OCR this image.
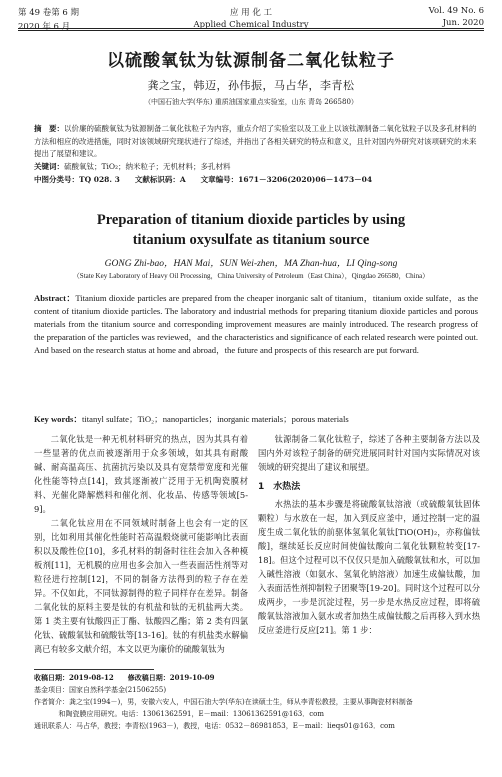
第 49 卷第 6 期
2020 年 6 月
应 用 化 工
Applied Chemical Industry
Vol. 49 No. 6
Jun. 2020
以硫酸氧钛为钛源制备二氧化钛粒子
龚之宝，韩迈，孙伟振，马占华，李青松
（中国石油大学(华东) 重质油国家重点实验室，山东 青岛 266580）
摘　要：以价廉的硫酸氧钛为钛源制备二氧化钛粒子为内容，重点介绍了实验室以及工业上以该钛源制备二氧化钛粒子以及多孔材料的方法和相应的改进措施，同时对该领域研究现状进行了综述，并指出了各相关研究的特点和意义，且针对国内外研究对该项研究的未来提出了展望和建议。
关键词：硫酸氧钛；TiO₂；纳米粒子；无机材料；多孔材料
中图分类号：TQ 028. 3　　文献标识码：A　　文章编号：1671－3206(2020)06－1473－04
Preparation of titanium dioxide particles by using
titanium oxysulfate as titanium source
GONG Zhi-bao，HAN Mai，SUN Wei-zhen，MA Zhan-hua，LI Qing-song
（State Key Laboratory of Heavy Oil Processing，China University of Petroleum（East China），Qingdao 266580，China）
Abstract：Titanium dioxide particles are prepared from the cheaper inorganic salt of titanium，titanium oxide sulfate，as the content of titanium dioxide particles. The laboratory and industrial methods for preparing titanium dioxide particles and porous materials from the titanium source and corresponding improvement measures are mainly introduced. The research progress of the preparation of the particles was reviewed，and the characteristics and significance of each related research were pointed out. And based on the research status at home and abroad，the future and prospects of this research are put forward.
Key words：titanyl sulfate；TiO₂；nanoparticles；inorganic materials；porous materials

二氧化钛是一种无机材料研究的热点，因为其具有着一些显著的优点而被逐渐用于众多领域，如其具有耐酸碱、耐高温高压、抗菌抗污染以及具有宽禁带宽度和光催化性能等特点[14]，致其逐渐被广泛用于无机陶瓷膜材料、光催化降解燃料和催化剂、化妆品、传感等领域[5-9]。

二氧化钛应用在不同领域时制备上也会有一定的区别，比如利用其催化性能时若高温煅烧就可能影响比表面积以及酸性位[10]，多孔材料的制备时往往会加入各种模板剂[11]，无机膜的应用也多会加入一些表面活性剂等对粒径进行控制[12]，不同的制备方法得到的粒子存在差异。不仅如此，不同钛源制得的粒子同样存在差异。制备二氧化钛的原料主要是钛的有机盐和钛的无机盐两大类。第 1 类主要有钛酸四正丁酯、钛酸四乙酯；第 2 类有四氯化钛、硫酸氧钛和硫酸钛等[13-16]。钛的有机盐类水解偏离已有较多文献介绍，本文以更为廉价的硫酸氧钛为

钛源制备二氧化钛粒子，综述了各种主要制备方法以及国内外对该粒子制备的研究进展同时针对国内实际情况对该领域的研究提出了建议和展望。

1　水热法

水热法的基本步骤是将硫酸氧钛溶液（或硫酸氧钛固体颗粒）与水放在一起，加入到反应釜中，通过控制一定的温度生成二氧化钛的前驱体氢氧化氧钛[TiO(OH)₂，亦称偏钛酸]，继续延长反应时间使偏钛酸向二氧化钛颗粒转变[17-18]。但这个过程可以不仅仅只是加入硫酸氧钛和水，可以加入碱性溶液（如氨水、氢氧化钠溶液）加速生成偏钛酸，加入表面活性剂抑制粒子团聚等[19-20]。同时这个过程可以分成两步，一步是沉淀过程，另一步是水热反应过程，即将硫酸氧钛溶液加入氨水或者加热生成偏钛酸之后再移入到水热反应釜进行反应[21]。第 1 步：

收稿日期：2019-08-12　　修改稿日期：2019-10-09
基金项目：国家自然科学基金(21506255)
作者简介：龚之宝(1994－)，男，安徽六安人，中国石油大学(华东)在读硕士生，师从李青松教授，主要从事陶瓷材料制备
和陶瓷膜应用研究。电话：13061362591，E－mail：13061362591@163．com
通讯联系人：马占华，教授；李青松(1963－)，教授，电话：0532－86981853，E－mail：lieqs01@163．com
